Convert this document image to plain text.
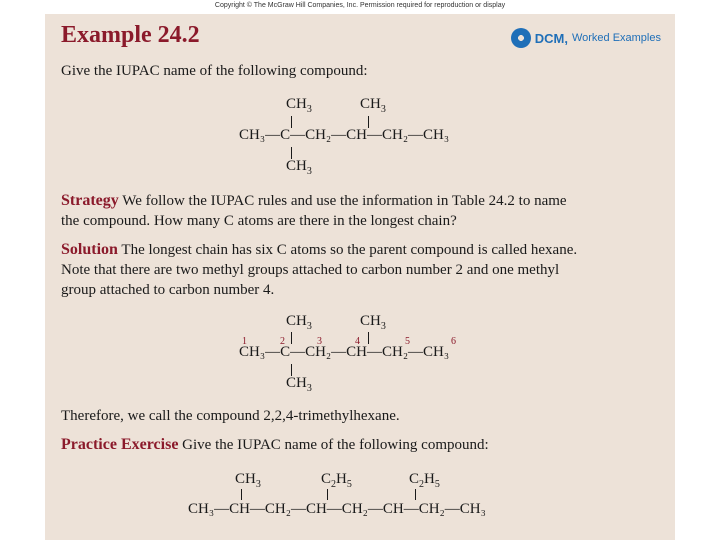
Copyright © The McGraw Hill Companies, Inc. Permission required for reproduction or display
Example 24.2	DCM, Worked Examples
Give the IUPAC name of the following compound:
$CH_3$	$CH_3$
CH₃—C—CH₂—CH—CH₂—CH₃
$CH_3$
Strategy We follow the IUPAC rules and use the information in Table 24.2 to name
the compound. How many C atoms are there in the longest chain?
Solution The longest chain has six C atoms so the parent compound is called hexane.
Note that there are two methyl groups attached to carbon number 2 and one methyl
group attached to carbon number 4.
$CH_3$	$CH_3$
1	2	3	4	5	6
CH₃—C—CH₂—CH—CH₂—CH₃
$CH_3$
Therefore, we call the compound 2,2,4-trimethylhexane.
Practice Exercise Give the IUPAC name of the following compound:
$CH_3$	$C_2H_5$	$C_2H_5$
CH₃—CH—CH₂—CH—CH₂—CH—CH₂—CH₃
